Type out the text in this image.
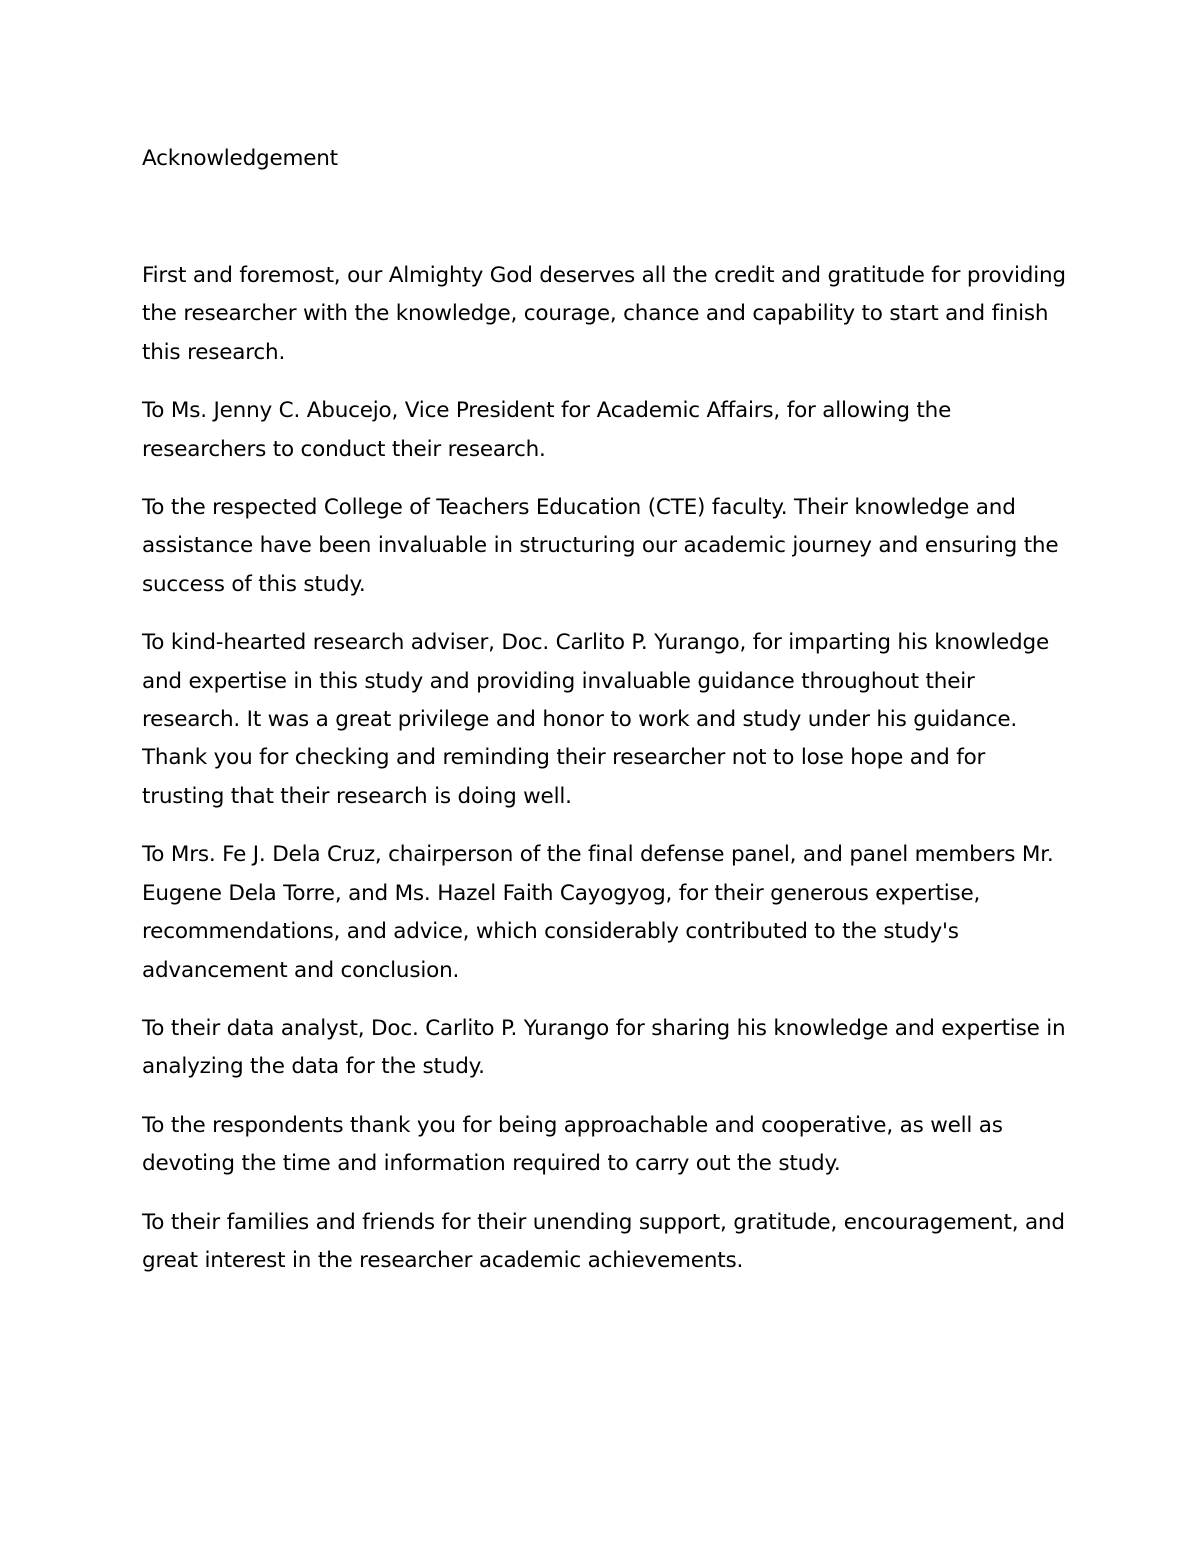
Acknowledgement

First and foremost, our Almighty God deserves all the credit and gratitude for providing the researcher with the knowledge, courage, chance and capability to start and finish this research.

To Ms. Jenny C. Abucejo, Vice President for Academic Affairs, for allowing the researchers to conduct their research.

To the respected College of Teachers Education (CTE) faculty. Their knowledge and assistance have been invaluable in structuring our academic journey and ensuring the success of this study.

To kind-hearted research adviser, Doc. Carlito P. Yurango, for imparting his knowledge and expertise in this study and providing invaluable guidance throughout their research. It was a great privilege and honor to work and study under his guidance. Thank you for checking and reminding their researcher not to lose hope and for trusting that their research is doing well.

To Mrs. Fe J. Dela Cruz, chairperson of the final defense panel, and panel members Mr. Eugene Dela Torre, and Ms. Hazel Faith Cayogyog, for their generous expertise, recommendations, and advice, which considerably contributed to the study's advancement and conclusion.

To their data analyst, Doc. Carlito P. Yurango for sharing his knowledge and expertise in analyzing the data for the study.

To the respondents thank you for being approachable and cooperative, as well as devoting the time and information required to carry out the study.

To their families and friends for their unending support, gratitude, encouragement, and great interest in the researcher academic achievements.
